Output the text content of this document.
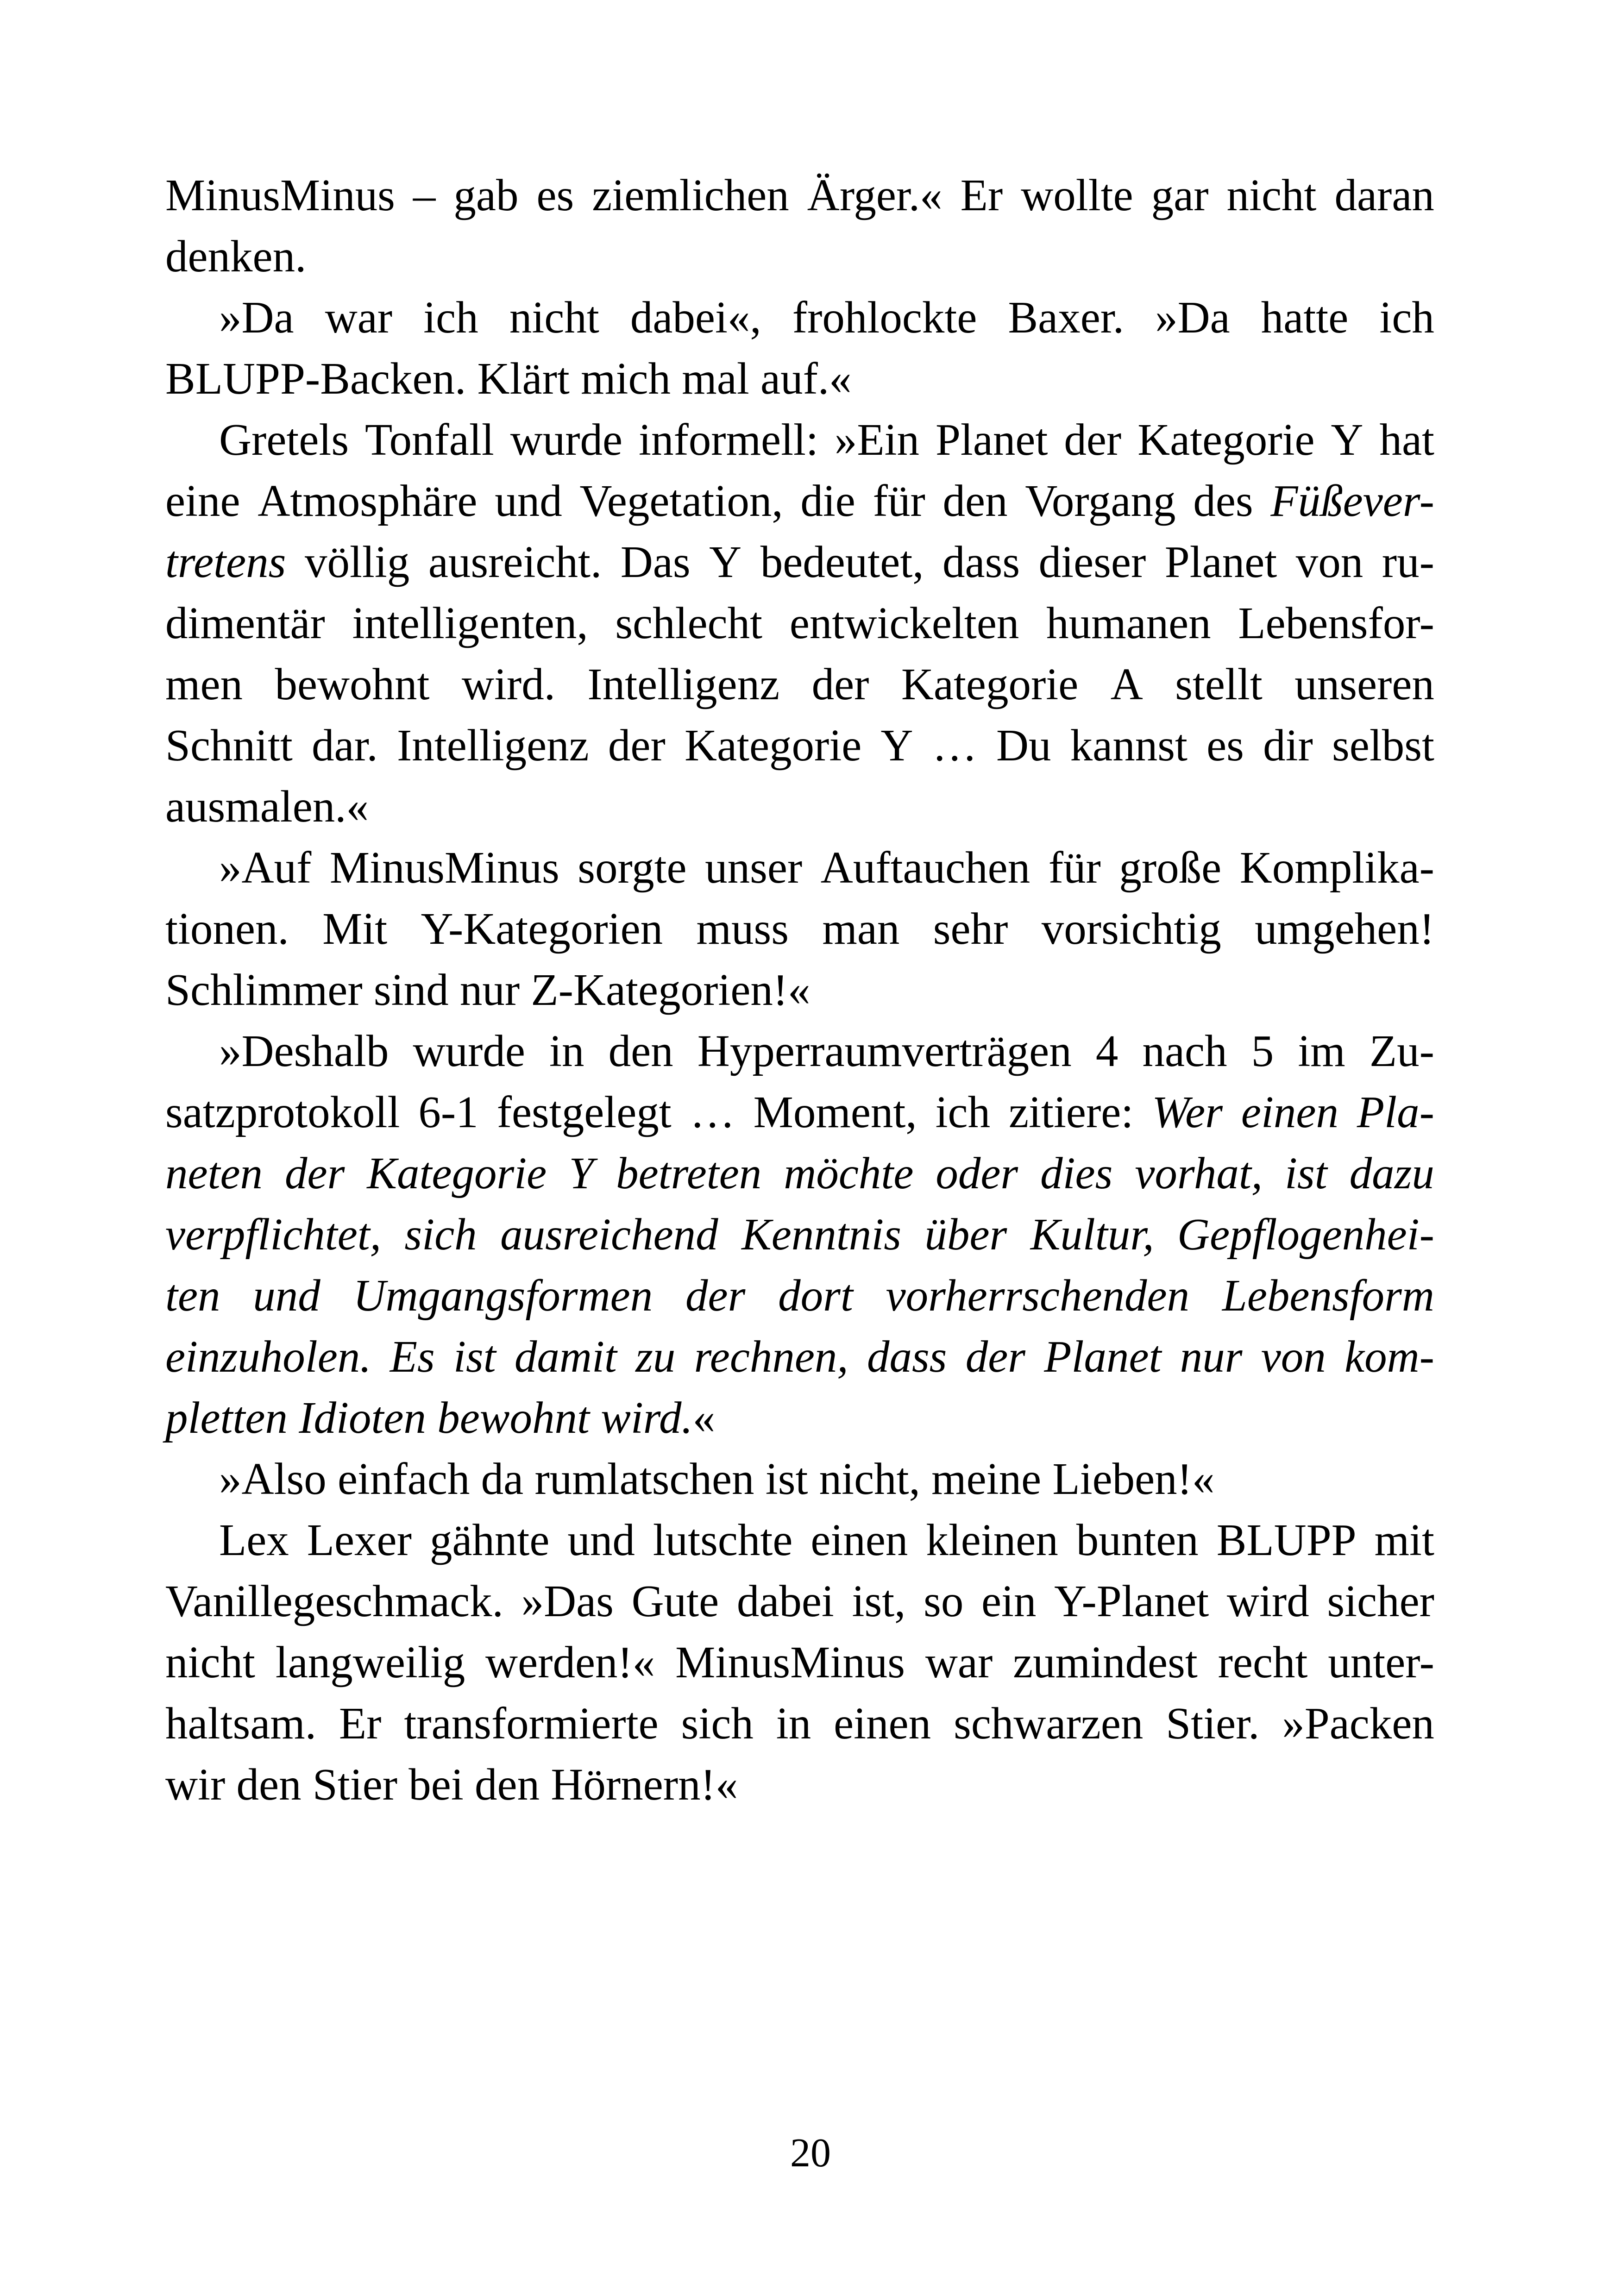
MinusMinus – gab es ziemlichen Ärger.« Er wollte gar nicht daran
denken.
»Da war ich nicht dabei«, frohlockte Baxer. »Da hatte ich
BLUPP-Backen. Klärt mich mal auf.«
Gretels Tonfall wurde informell: »Ein Planet der Kategorie Y hat
eine Atmosphäre und Vegetation, die für den Vorgang des Füßever-
tretens völlig ausreicht. Das Y bedeutet, dass dieser Planet von ru-
dimentär intelligenten, schlecht entwickelten humanen Lebensfor-
men bewohnt wird. Intelligenz der Kategorie A stellt unseren
Schnitt dar. Intelligenz der Kategorie Y … Du kannst es dir selbst
ausmalen.«
»Auf MinusMinus sorgte unser Auftauchen für große Komplika-
tionen. Mit Y-Kategorien muss man sehr vorsichtig umgehen!
Schlimmer sind nur Z-Kategorien!«
»Deshalb wurde in den Hyperraumverträgen 4 nach 5 im Zu-
satzprotokoll 6-1 festgelegt … Moment, ich zitiere: Wer einen Pla-
neten der Kategorie Y betreten möchte oder dies vorhat, ist dazu
verpflichtet, sich ausreichend Kenntnis über Kultur, Gepflogenhei-
ten und Umgangsformen der dort vorherrschenden Lebensform
einzuholen. Es ist damit zu rechnen, dass der Planet nur von kom-
pletten Idioten bewohnt wird.«
»Also einfach da rumlatschen ist nicht, meine Lieben!«
Lex Lexer gähnte und lutschte einen kleinen bunten BLUPP mit
Vanillegeschmack. »Das Gute dabei ist, so ein Y-Planet wird sicher
nicht langweilig werden!« MinusMinus war zumindest recht unter-
haltsam. Er transformierte sich in einen schwarzen Stier. »Packen
wir den Stier bei den Hörnern!«
20
